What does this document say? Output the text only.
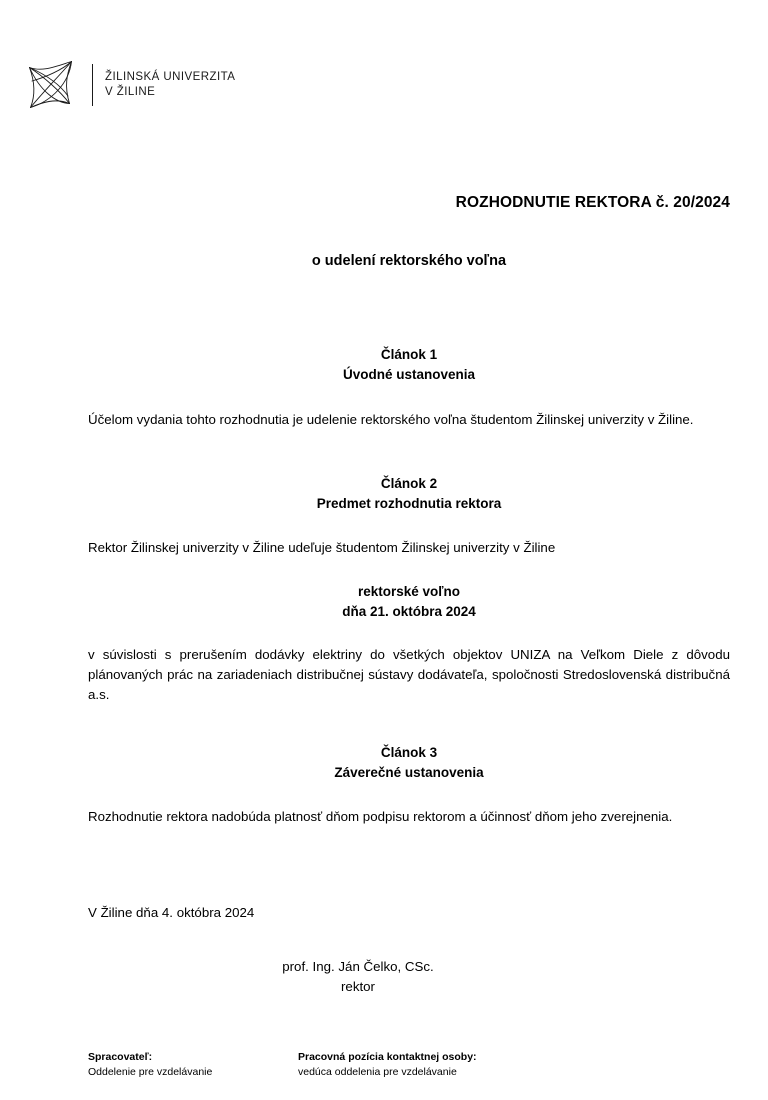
ŽILINSKÁ UNIVERZITA
V ŽILINE
ROZHODNUTIE REKTORA č. 20/2024
o udelení rektorského voľna
Článok 1
Úvodné ustanovenia

Účelom vydania tohto rozhodnutia je udelenie rektorského voľna študentom Žilinskej univerzity v Žiline.

Článok 2
Predmet rozhodnutia rektora

Rektor Žilinskej univerzity v Žiline udeľuje študentom Žilinskej univerzity v Žiline

rektorské voľno
dňa 21. októbra 2024

v súvislosti s prerušením dodávky elektriny do všetkých objektov UNIZA na Veľkom Diele z dôvodu plánovaných prác na zariadeniach distribučnej sústavy dodávateľa, spoločnosti Stredoslovenská distribučná a.s.

Článok 3
Záverečné ustanovenia

Rozhodnutie rektora nadobúda platnosť dňom podpisu rektorom a účinnosť dňom jeho zverejnenia.

V Žiline dňa 4. októbra 2024

prof. Ing. Ján Čelko, CSc.
rektor
Spracovateľ:
Oddelenie pre vzdelávanie
Pracovná pozícia kontaktnej osoby:
vedúca oddelenia pre vzdelávanie
